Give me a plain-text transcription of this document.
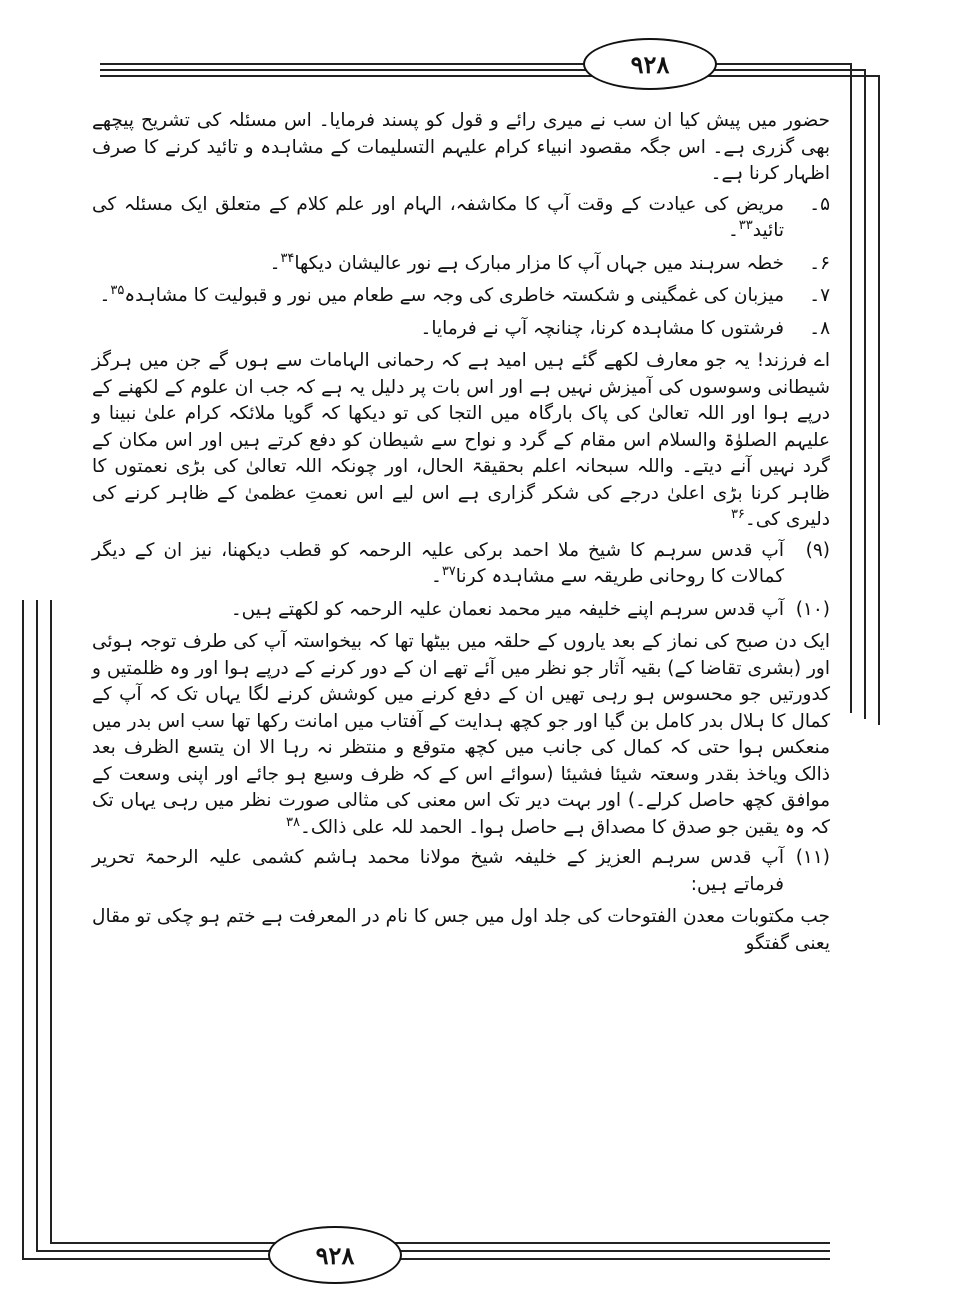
۹۲۸
۹۲۸
حضور میں پیش کیا ان سب نے میری رائے و قول کو پسند فرمایا۔ اس مسئلہ کی تشریح پیچھے بھی گزری ہے۔ اس جگہ مقصود انبیاء کرام علیہم التسلیمات کے مشاہدہ و تائید کرنے کا صرف اظہار کرنا ہے۔
۵۔
مریض کی عیادت کے وقت آپ کا مکاشفہ، الہام اور علم کلام کے متعلق ایک مسئلہ کی تائید$^{۳۳}$۔
۶۔
خطہ سرہند میں جہاں آپ کا مزار مبارک ہے نور عالیشان دیکھا$^{۳۴}$۔
۷۔
میزبان کی غمگینی و شکستہ خاطری کی وجہ سے طعام میں نور و قبولیت کا مشاہدہ$^{۳۵}$۔
۸۔
فرشتوں کا مشاہدہ کرنا، چنانچہ آپ نے فرمایا۔
اے فرزند! یہ جو معارف لکھے گئے ہیں امید ہے کہ رحمانی الہامات سے ہوں گے جن میں ہرگز شیطانی وسوسوں کی آمیزش نہیں ہے اور اس بات پر دلیل یہ ہے کہ جب ان علوم کے لکھنے کے درپے ہوا اور اللہ تعالیٰ کی پاک بارگاہ میں التجا کی تو دیکھا کہ گویا ملائکہ کرام علیٰ نبینا و علیہم الصلوٰۃ والسلام اس مقام کے گرد و نواح سے شیطان کو دفع کرتے ہیں اور اس مکان کے گرد نہیں آنے دیتے۔ واللہ سبحانہ اعلم بحقیقۃ الحال، اور چونکہ اللہ تعالیٰ کی بڑی نعمتوں کا ظاہر کرنا بڑی اعلیٰ درجے کی شکر گزاری ہے اس لیے اس نعمتِ عظمیٰ کے ظاہر کرنے کی دلیری کی۔$^{۳۶}$
(۹)
آپ قدس سرہم کا شیخ ملا احمد برکی علیہ الرحمہ کو قطب دیکھنا، نیز ان کے دیگر کمالات کا روحانی طریقہ سے مشاہدہ کرنا$^{۳۷}$۔
(۱۰)
آپ قدس سرہم اپنے خلیفہ میر محمد نعمان علیہ الرحمہ کو لکھتے ہیں۔
ایک دن صبح کی نماز کے بعد یاروں کے حلقہ میں بیٹھا تھا کہ بیخواستہ آپ کی طرف توجہ ہوئی اور (بشری تقاضا کے) بقیہ آثار جو نظر میں آئے تھے ان کے دور کرنے کے درپے ہوا اور وہ ظلمتیں و کدورتیں جو محسوس ہو رہی تھیں ان کے دفع کرنے میں کوشش کرنے لگا یہاں تک کہ آپ کے کمال کا ہلال بدر کامل بن گیا اور جو کچھ ہدایت کے آفتاب میں امانت رکھا تھا سب اس بدر میں منعکس ہوا حتی کہ کمال کی جانب میں کچھ متوقع و منتظر نہ رہا الا ان یتسع الظرف بعد ذالک ویاخذ بقدر وسعتہ شیئا فشیئا (سوائے اس کے کہ ظرف وسیع ہو جائے اور اپنی وسعت کے موافق کچھ حاصل کرلے۔) اور بہت دیر تک اس معنی کی مثالی صورت نظر میں رہی یہاں تک کہ وہ یقین جو صدق کا مصداق ہے حاصل ہوا۔ الحمد للہ علی ذالک۔$^{۳۸}$
(۱۱)
آپ قدس سرہم العزیز کے خلیفہ شیخ مولانا محمد ہاشم کشمی علیہ الرحمۃ تحریر فرماتے ہیں:
جب مکتوبات معدن الفتوحات کی جلد اول میں جس کا نام در المعرفت ہے ختم ہو چکی تو مقال یعنی گفتگو
